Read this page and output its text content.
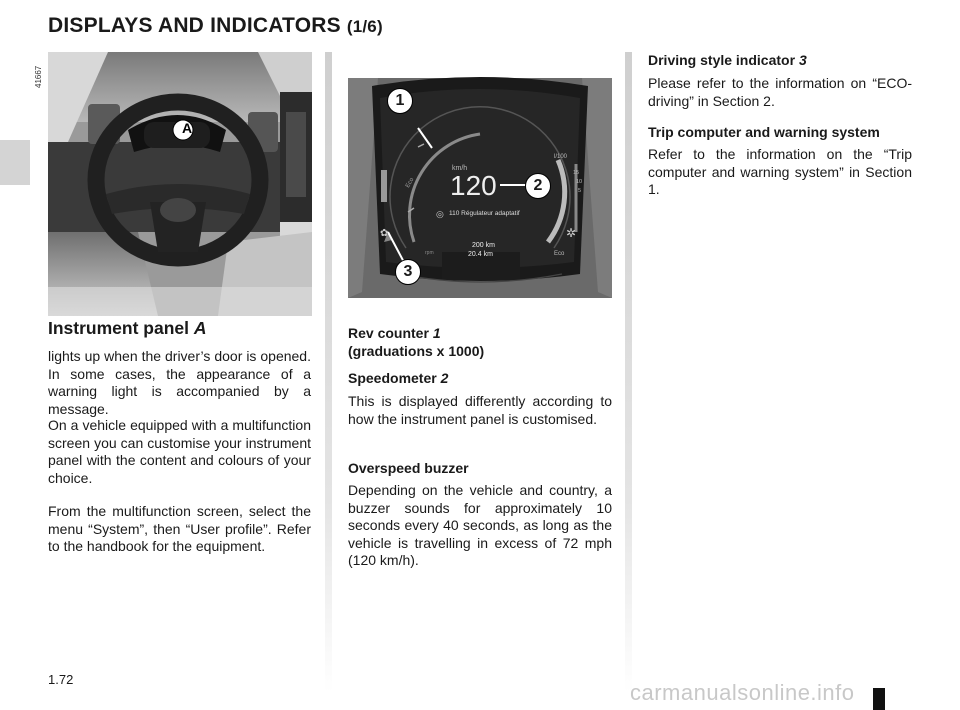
DISPLAYS AND INDICATORS (1/6)
41667
A
km/h
120
110 Régulateur adaptatif
200 km
20.4 km
Eco
Eco
l/100
15
10
5
rpm
◎
✲
✿
1
2
3
Instrument panel A

lights up when the driver’s door is opened. In some cases, the appearance of a warning light is accompanied by a message.

On a vehicle equipped with a multifunction screen you can customise your instrument panel with the content and colours of your choice.

From the multifunction screen, select the menu “System”, then “User profile”. Refer to the handbook for the equipment.

Rev counter 1
(graduations x 1000)
Speedometer 2

This is displayed differently according to how the instrument panel is customised.

Overspeed buzzer

Depending on the vehicle and country, a buzzer sounds for approximately 10 seconds every 40 seconds, as long as the vehicle is travelling in excess of 72 mph (120 km/h).

Driving style indicator 3

Please refer to the information on “ECO-driving” in Section 2.

Trip computer and warning system

Refer to the information on the “Trip computer and warning system” in Section 1.

1.72
carmanualsonline.info
